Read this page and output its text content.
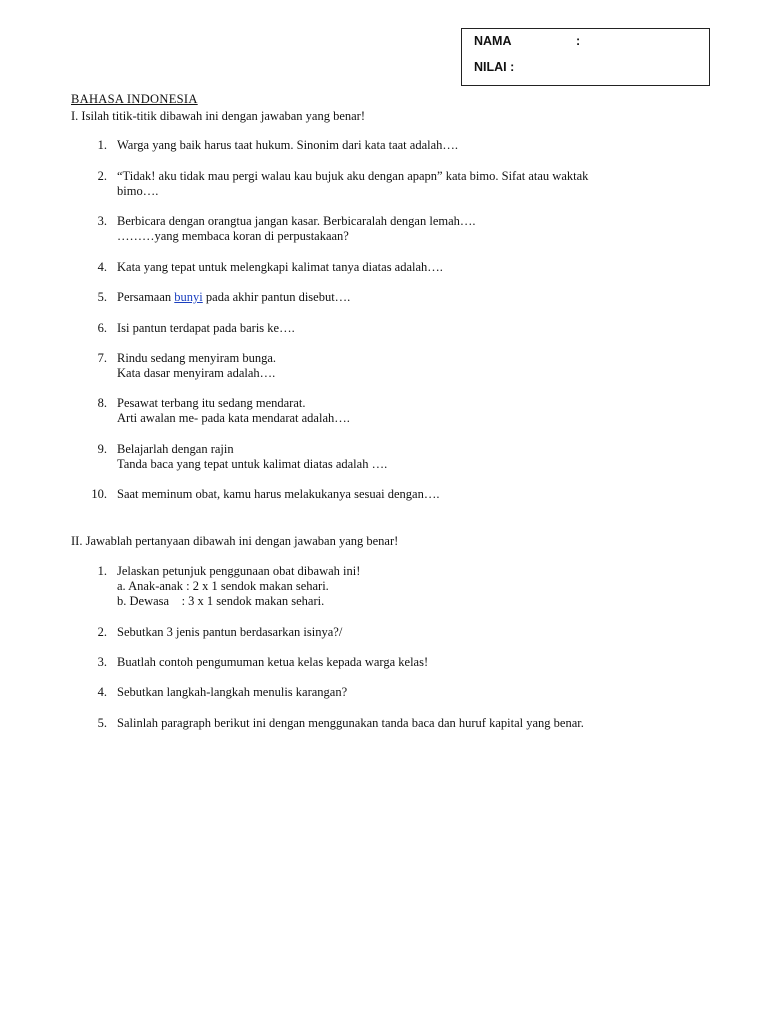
NAMA	:
NILAI :
BAHASA INDONESIA
I. Isilah titik-titik dibawah ini dengan jawaban yang benar!
1. Warga yang baik harus taat hukum. Sinonim dari kata taat adalah….
2. “Tidak! aku tidak mau pergi walau kau bujuk aku dengan apapn” kata bimo. Sifat atau waktak
bimo….
3. Berbicara dengan orangtua jangan kasar. Berbicaralah dengan lemah….
………yang membaca koran di perpustakaan?
4. Kata yang tepat untuk melengkapi kalimat tanya diatas adalah….
5. Persamaan bunyi pada akhir pantun disebut….
6. Isi pantun terdapat pada baris ke….
7. Rindu sedang menyiram bunga.
Kata dasar menyiram adalah….
8. Pesawat terbang itu sedang mendarat.
Arti awalan me- pada kata mendarat adalah….
9. Belajarlah dengan rajin
Tanda baca yang tepat untuk kalimat diatas adalah ….
10. Saat meminum obat, kamu harus melakukanya sesuai dengan….
II. Jawablah pertanyaan dibawah ini dengan jawaban yang benar!
1. Jelaskan petunjuk penggunaan obat dibawah ini!
a. Anak-anak : 2 x 1 sendok makan sehari.
b. Dewasa    : 3 x 1 sendok makan sehari.
2. Sebutkan 3 jenis pantun berdasarkan isinya?/
3. Buatlah contoh pengumuman ketua kelas kepada warga kelas!
4. Sebutkan langkah-langkah menulis karangan?
5. Salinlah paragraph berikut ini dengan menggunakan tanda baca dan huruf kapital yang benar.
